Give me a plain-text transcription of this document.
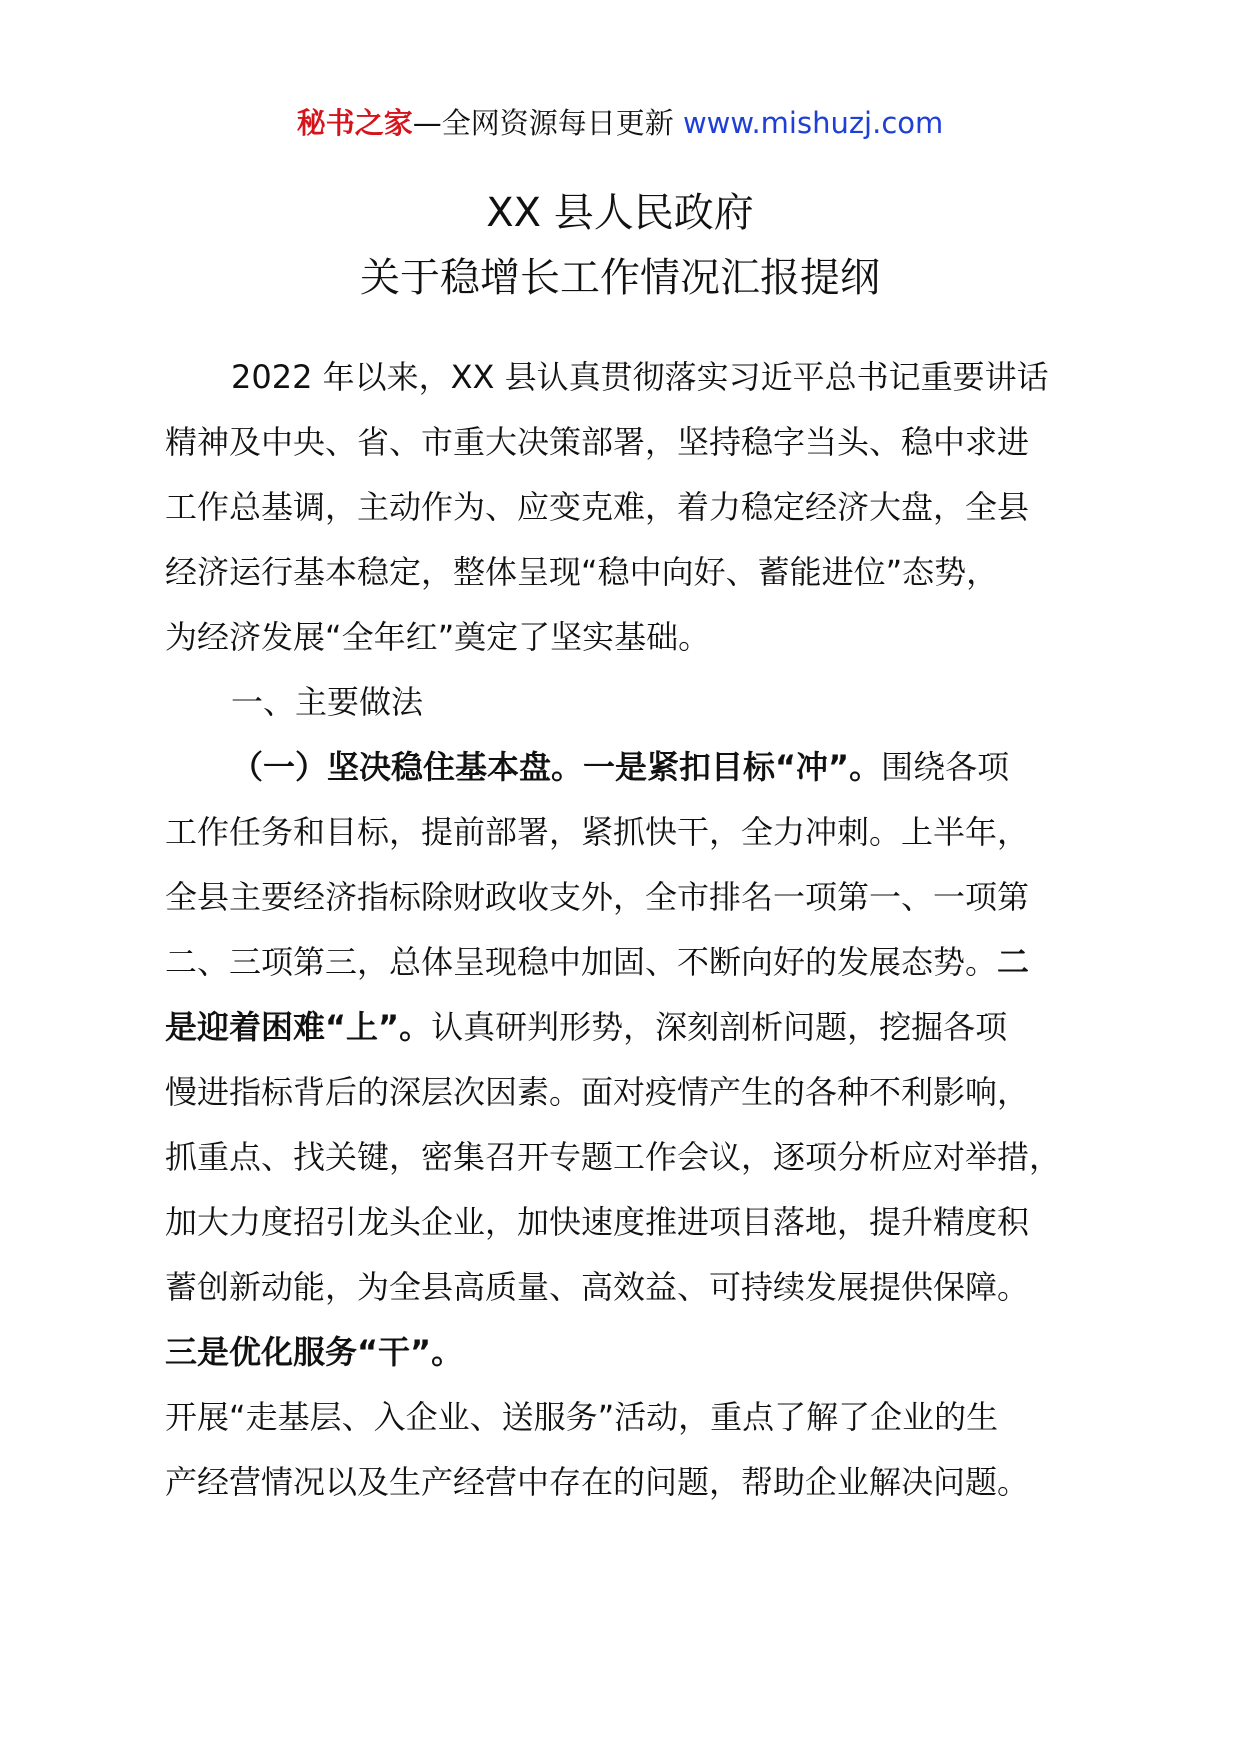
秘书之家—全网资源每日更新 www.mishuzj.com
XX 县人民政府
关于稳增长工作情况汇报提纲
2022 年以来，XX 县认真贯彻落实习近平总书记重要讲话
精神及中央、省、市重大决策部署，坚持稳字当头、稳中求进
工作总基调，主动作为、应变克难，着力稳定经济大盘，全县
经济运行基本稳定，整体呈现“稳中向好、蓄能进位”态势，
为经济发展“全年红”奠定了坚实基础。
一、主要做法
（一）坚决稳住基本盘。一是紧扣目标“冲”。围绕各项
工作任务和目标，提前部署，紧抓快干，全力冲刺。上半年，
全县主要经济指标除财政收支外，全市排名一项第一、一项第
二、三项第三，总体呈现稳中加固、不断向好的发展态势。二
是迎着困难“上”。认真研判形势，深刻剖析问题，挖掘各项
慢进指标背后的深层次因素。面对疫情产生的各种不利影响，
抓重点、找关键，密集召开专题工作会议，逐项分析应对举措，
加大力度招引龙头企业，加快速度推进项目落地，提升精度积
蓄创新动能，为全县高质量、高效益、可持续发展提供保障。
三是优化服务“干”。
开展“走基层、入企业、送服务”活动，重点了解了企业的生
产经营情况以及生产经营中存在的问题，帮助企业解决问题。
